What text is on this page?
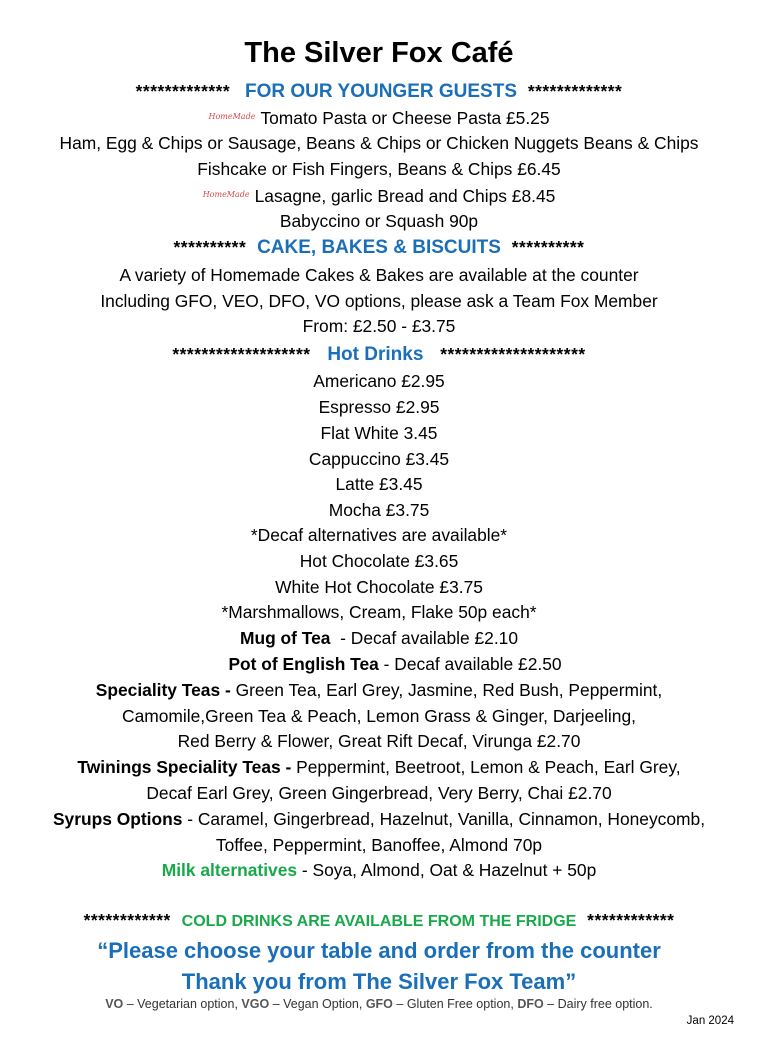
The Silver Fox Café
************* FOR OUR YOUNGER GUESTS *************
HomeMade Tomato Pasta or Cheese Pasta £5.25
Ham, Egg & Chips or Sausage, Beans & Chips or Chicken Nuggets Beans & Chips
Fishcake or Fish Fingers, Beans & Chips £6.45
HomeMade Lasagne, garlic Bread and Chips £8.45
Babyccino or Squash 90p
********** CAKE, BAKES & BISCUITS **********
A variety of Homemade Cakes & Bakes are available at the counter
Including GFO, VEO, DFO, VO options, please ask a Team Fox Member
From: £2.50 - £3.75
******************* Hot Drinks ********************
Americano £2.95
Espresso £2.95
Flat White 3.45
Cappuccino £3.45
Latte £3.45
Mocha £3.75
*Decaf alternatives are available*
Hot Chocolate £3.65
White Hot Chocolate £3.75
*Marshmallows, Cream, Flake 50p each*
Mug of Tea  - Decaf available £2.10
Pot of English Tea - Decaf available £2.50
Speciality Teas - Green Tea, Earl Grey, Jasmine, Red Bush, Peppermint,
Camomile,Green Tea & Peach, Lemon Grass & Ginger, Darjeeling,
Red Berry & Flower, Great Rift Decaf, Virunga £2.70
Twinings Speciality Teas - Peppermint, Beetroot, Lemon & Peach, Earl Grey,
Decaf Earl Grey, Green Gingerbread, Very Berry, Chai £2.70
Syrups Options - Caramel, Gingerbread, Hazelnut, Vanilla, Cinnamon, Honeycomb,
Toffee, Peppermint, Banoffee, Almond 70p
Milk alternatives - Soya, Almond, Oat & Hazelnut + 50p
************ COLD DRINKS ARE AVAILABLE FROM THE FRIDGE ************
“Please choose your table and order from the counter
Thank you from The Silver Fox Team”
VO – Vegetarian option, VGO – Vegan Option, GFO – Gluten Free option, DFO – Dairy free option.
Jan 2024
